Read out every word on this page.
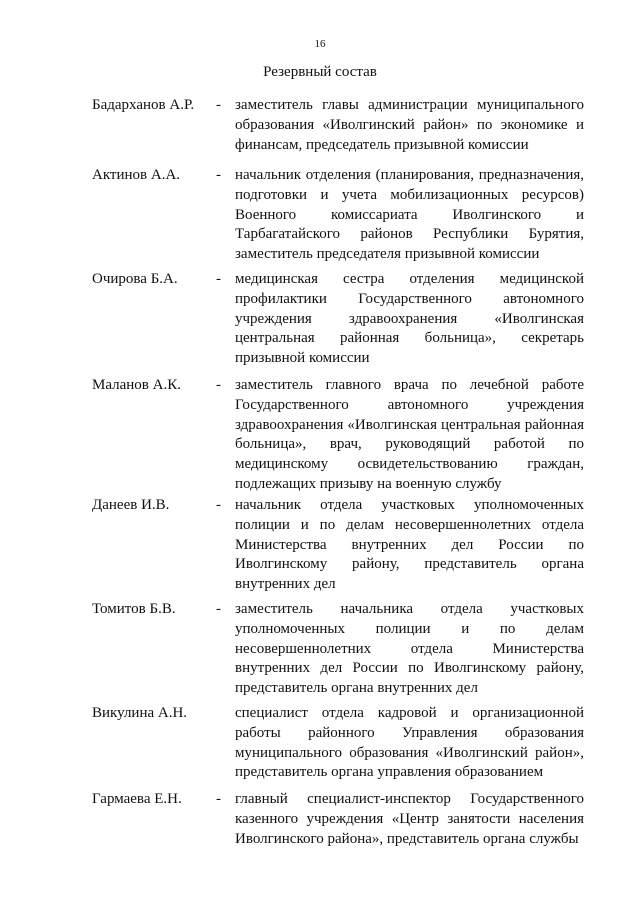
16
Резервный состав
Бадарханов А.Р. - заместитель главы администрации муниципального образования «Иволгинский район» по экономике и финансам, председатель призывной комиссии
Актинов А.А. - начальник отделения (планирования, предназначения, подготовки и учета мобилизационных ресурсов) Военного комиссариата Иволгинского и Тарбагатайского районов Республики Бурятия, заместитель председателя призывной комиссии
Очирова Б.А.	- медицинская сестра отделения медицинской профилактики Государственного автономного учреждения здравоохранения «Иволгинская центральная районная больница», секретарь призывной комиссии
Маланов А.К. - заместитель главного врача по лечебной работе Государственного автономного учреждения здравоохранения «Иволгинская центральная районная больница», врач, руководящий работой по медицинскому освидетельствованию граждан, подлежащих призыву на военную службу
Данеев И.В.	- начальник отдела участковых уполномоченных полиции и по делам несовершеннолетних отдела Министерства внутренних дел России по Иволгинскому району, представитель органа внутренних дел
Томитов Б.В.	- заместитель начальника отдела участковых уполномоченных полиции и по делам несовершеннолетних отдела Министерства внутренних дел России по Иволгинскому району, представитель органа внутренних дел
Викулина А.Н.	специалист отдела кадровой и организационной работы районного Управления образования муниципального образования «Иволгинский район», представитель органа управления образованием
Гармаева Е.Н. - главный специалист-инспектор Государственного казенного учреждения «Центр занятости населения Иволгинского района», представитель органа службы
